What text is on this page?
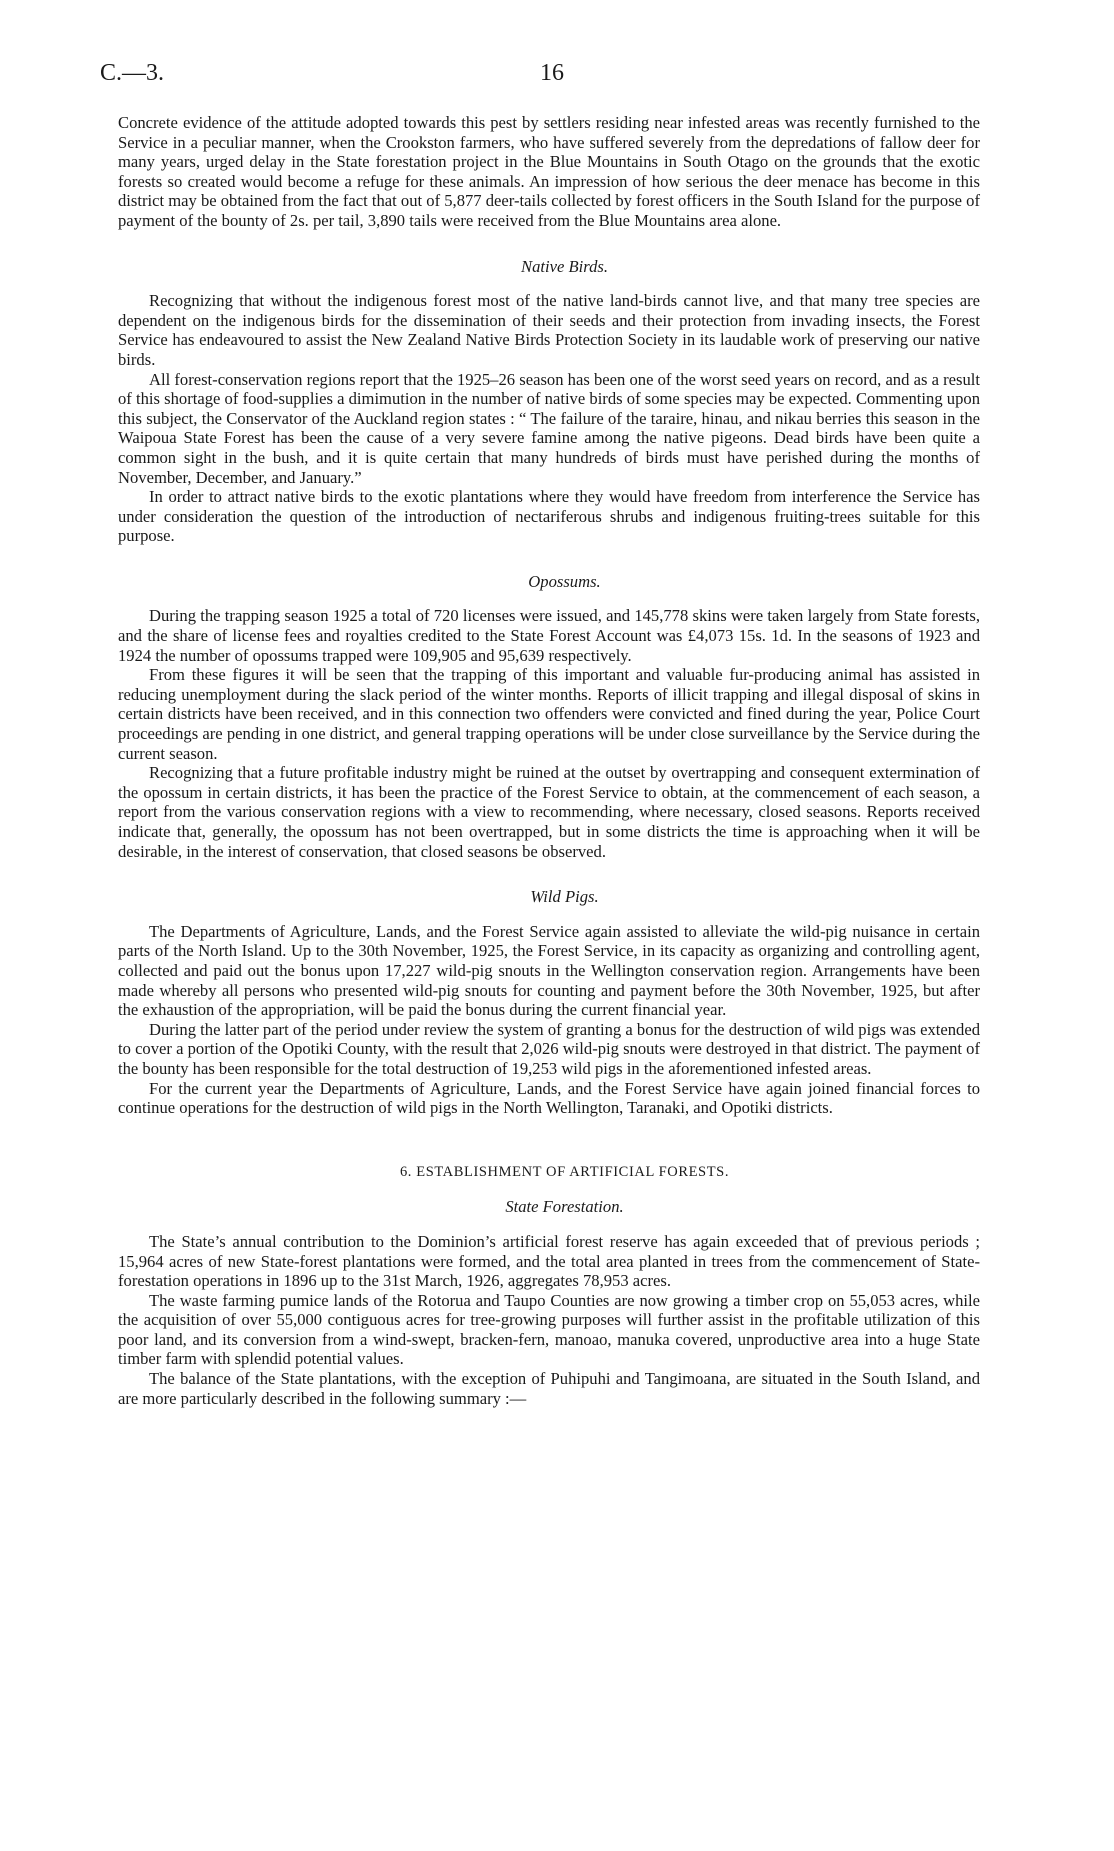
C.—3.	16

Concrete evidence of the attitude adopted towards this pest by settlers residing near infested areas was recently furnished to the Service in a peculiar manner, when the Crookston farmers, who have suffered severely from the depredations of fallow deer for many years, urged delay in the State forestation project in the Blue Mountains in South Otago on the grounds that the exotic forests so created would become a refuge for these animals. An impression of how serious the deer menace has become in this district may be obtained from the fact that out of 5,877 deer-tails collected by forest officers in the South Island for the purpose of payment of the bounty of 2s. per tail, 3,890 tails were received from the Blue Mountains area alone.

Native Birds.

Recognizing that without the indigenous forest most of the native land-birds cannot live, and that many tree species are dependent on the indigenous birds for the dissemination of their seeds and their protection from invading insects, the Forest Service has endeavoured to assist the New Zealand Native Birds Protection Society in its laudable work of preserving our native birds.

All forest-conservation regions report that the 1925–26 season has been one of the worst seed years on record, and as a result of this shortage of food-supplies a dimimution in the number of native birds of some species may be expected. Commenting upon this subject, the Conservator of the Auckland region states : “ The failure of the taraire, hinau, and nikau berries this season in the Waipoua State Forest has been the cause of a very severe famine among the native pigeons. Dead birds have been quite a common sight in the bush, and it is quite certain that many hundreds of birds must have perished during the months of November, December, and January.”

In order to attract native birds to the exotic plantations where they would have freedom from interference the Service has under consideration the question of the introduction of nectariferous shrubs and indigenous fruiting-trees suitable for this purpose.

Opossums.

During the trapping season 1925 a total of 720 licenses were issued, and 145,778 skins were taken largely from State forests, and the share of license fees and royalties credited to the State Forest Account was £4,073 15s. 1d. In the seasons of 1923 and 1924 the number of opossums trapped were 109,905 and 95,639 respectively.

From these figures it will be seen that the trapping of this important and valuable fur-producing animal has assisted in reducing unemployment during the slack period of the winter months. Reports of illicit trapping and illegal disposal of skins in certain districts have been received, and in this connection two offenders were convicted and fined during the year, Police Court proceedings are pending in one district, and general trapping operations will be under close surveillance by the Service during the current season.

Recognizing that a future profitable industry might be ruined at the outset by overtrapping and consequent extermination of the opossum in certain districts, it has been the practice of the Forest Service to obtain, at the commencement of each season, a report from the various conservation regions with a view to recommending, where necessary, closed seasons. Reports received indicate that, generally, the opossum has not been overtrapped, but in some districts the time is approaching when it will be desirable, in the interest of conservation, that closed seasons be observed.

Wild Pigs.

The Departments of Agriculture, Lands, and the Forest Service again assisted to alleviate the wild-pig nuisance in certain parts of the North Island. Up to the 30th November, 1925, the Forest Service, in its capacity as organizing and controlling agent, collected and paid out the bonus upon 17,227 wild-pig snouts in the Wellington conservation region. Arrangements have been made whereby all persons who presented wild-pig snouts for counting and payment before the 30th November, 1925, but after the exhaustion of the appropriation, will be paid the bonus during the current financial year.

During the latter part of the period under review the system of granting a bonus for the destruction of wild pigs was extended to cover a portion of the Opotiki County, with the result that 2,026 wild-pig snouts were destroyed in that district. The payment of the bounty has been responsible for the total destruction of 19,253 wild pigs in the aforementioned infested areas.

For the current year the Departments of Agriculture, Lands, and the Forest Service have again joined financial forces to continue operations for the destruction of wild pigs in the North Wellington, Taranaki, and Opotiki districts.

6. ESTABLISHMENT OF ARTIFICIAL FORESTS.

State Forestation.

The State’s annual contribution to the Dominion’s artificial forest reserve has again exceeded that of previous periods ; 15,964 acres of new State-forest plantations were formed, and the total area planted in trees from the commencement of State-forestation operations in 1896 up to the 31st March, 1926, aggregates 78,953 acres.

The waste farming pumice lands of the Rotorua and Taupo Counties are now growing a timber crop on 55,053 acres, while the acquisition of over 55,000 contiguous acres for tree-growing purposes will further assist in the profitable utilization of this poor land, and its conversion from a wind-swept, bracken-fern, manoao, manuka covered, unproductive area into a huge State timber farm with splendid potential values.

The balance of the State plantations, with the exception of Puhipuhi and Tangimoana, are situated in the South Island, and are more particularly described in the following summary :—
